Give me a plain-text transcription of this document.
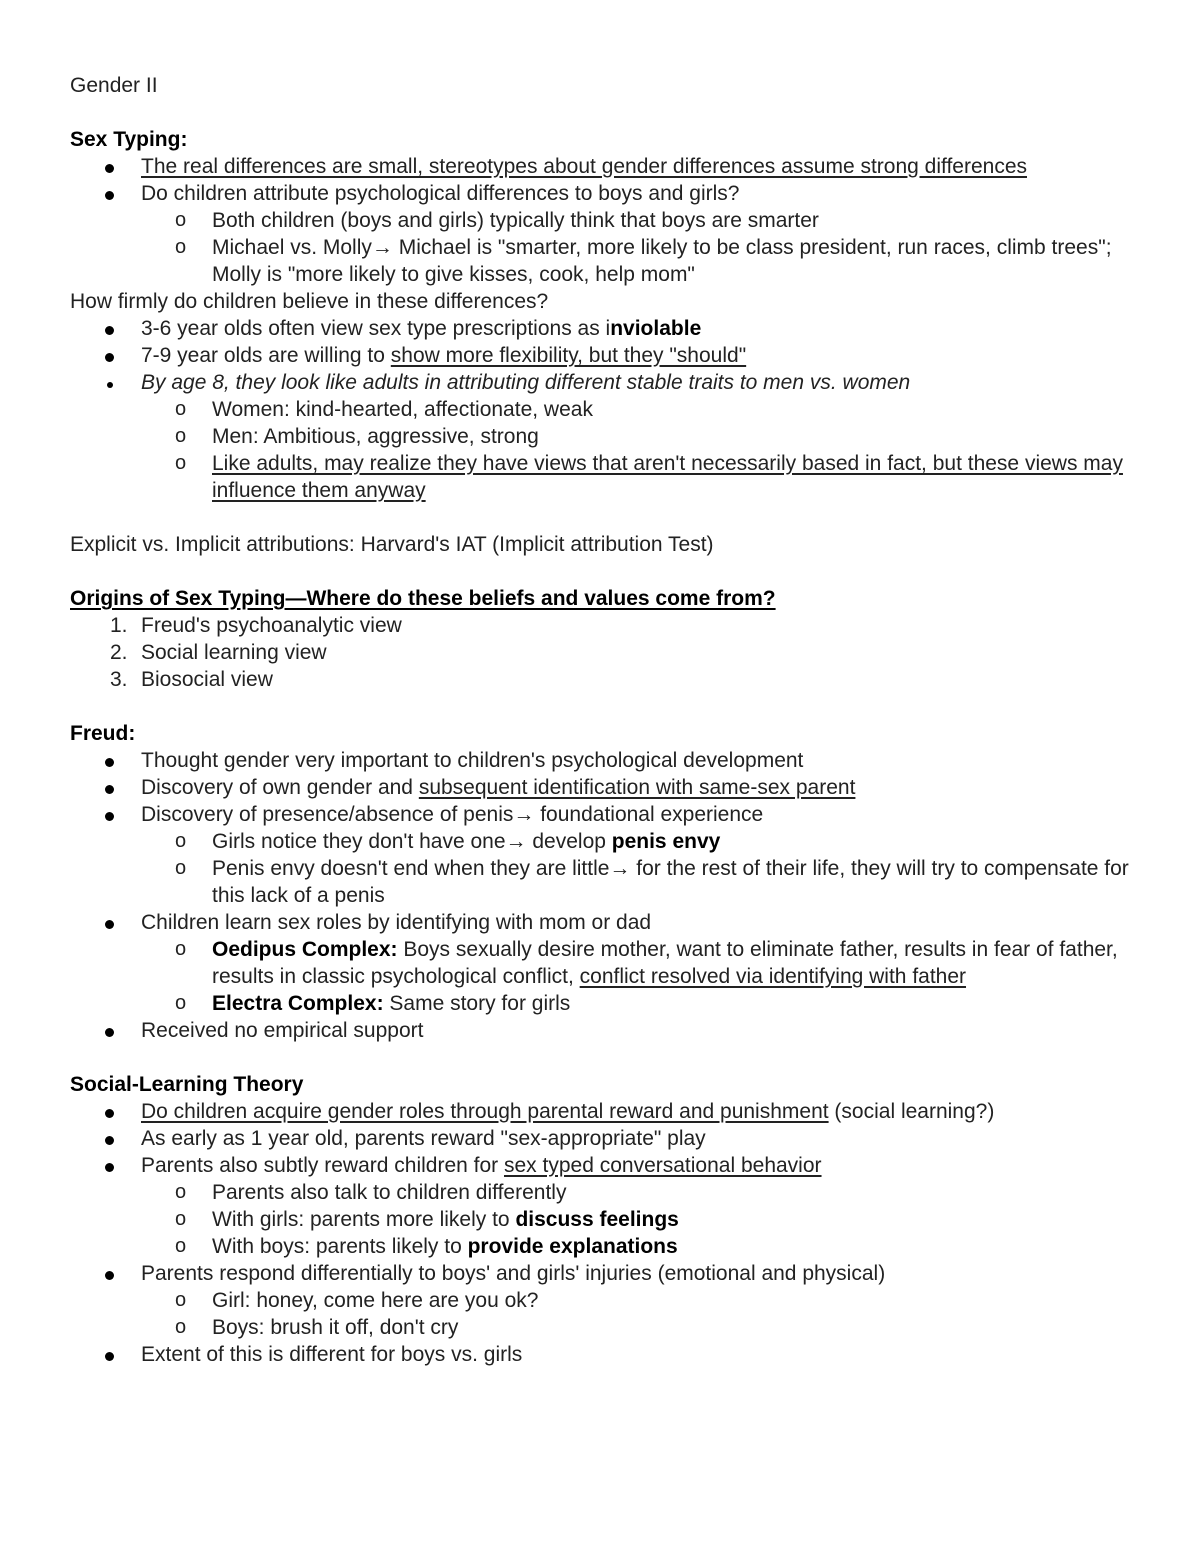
Gender II

Sex Typing:

The real differences are small, stereotypes about gender differences assume strong differences
Do children attribute psychological differences to boys and girls?
o Both children (boys and girls) typically think that boys are smarter
o Michael vs. Molly→ Michael is "smarter, more likely to be class president, run races, climb trees"; Molly is "more likely to give kisses, cook, help mom"

How firmly do children believe in these differences?

3-6 year olds often view sex type prescriptions as inviolable
7-9 year olds are willing to show more flexibility, but they "should"
By age 8, they look like adults in attributing different stable traits to men vs. women
o Women: kind-hearted, affectionate, weak
o Men: Ambitious, aggressive, strong
o Like adults, may realize they have views that aren't necessarily based in fact, but these views may influence them anyway

Explicit vs. Implicit attributions: Harvard's IAT (Implicit attribution Test)

Origins of Sex Typing—Where do these beliefs and values come from?

1. Freud's psychoanalytic view
2. Social learning view
3. Biosocial view

Freud:

Thought gender very important to children's psychological development
Discovery of own gender and subsequent identification with same-sex parent
Discovery of presence/absence of penis→ foundational experience
o Girls notice they don't have one→ develop penis envy
o Penis envy doesn't end when they are little→ for the rest of their life, they will try to compensate for this lack of a penis
Children learn sex roles by identifying with mom or dad
o Oedipus Complex: Boys sexually desire mother, want to eliminate father, results in fear of father, results in classic psychological conflict, conflict resolved via identifying with father
o Electra Complex: Same story for girls
Received no empirical support

Social-Learning Theory

Do children acquire gender roles through parental reward and punishment (social learning?)
As early as 1 year old, parents reward "sex-appropriate" play
Parents also subtly reward children for sex typed conversational behavior
o Parents also talk to children differently
o With girls: parents more likely to discuss feelings
o With boys: parents likely to provide explanations
Parents respond differentially to boys' and girls' injuries (emotional and physical)
o Girl: honey, come here are you ok?
o Boys: brush it off, don't cry
Extent of this is different for boys vs. girls
